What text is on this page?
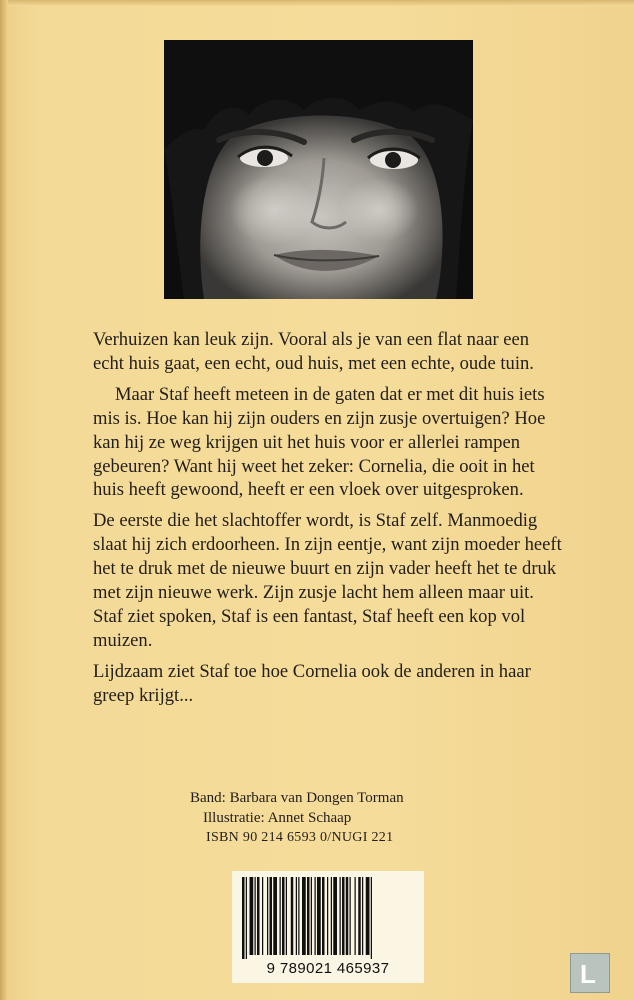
Verhuizen kan leuk zijn. Vooral als je van een flat naar een echt huis gaat, een echt, oud huis, met een echte, oude tuin.

Maar Staf heeft meteen in de gaten dat er met dit huis iets mis is. Hoe kan hij zijn ouders en zijn zusje overtuigen? Hoe kan hij ze weg krijgen uit het huis voor er allerlei rampen gebeuren? Want hij weet het zeker: Cornelia, die ooit in het huis heeft gewoond, heeft er een vloek over uitgesproken.

De eerste die het slachtoffer wordt, is Staf zelf. Manmoedig slaat hij zich erdoorheen. In zijn eentje, want zijn moeder heeft het te druk met de nieuwe buurt en zijn vader heeft het te druk met zijn nieuwe werk. Zijn zusje lacht hem alleen maar uit. Staf ziet spoken, Staf is een fantast, Staf heeft een kop vol muizen.

Lijdzaam ziet Staf toe hoe Cornelia ook de anderen in haar greep krijgt...

Band: Barbara van Dongen Torman
Illustratie: Annet Schaap
ISBN 90 214 6593 0/NUGI 221
9 789021 465937	L
